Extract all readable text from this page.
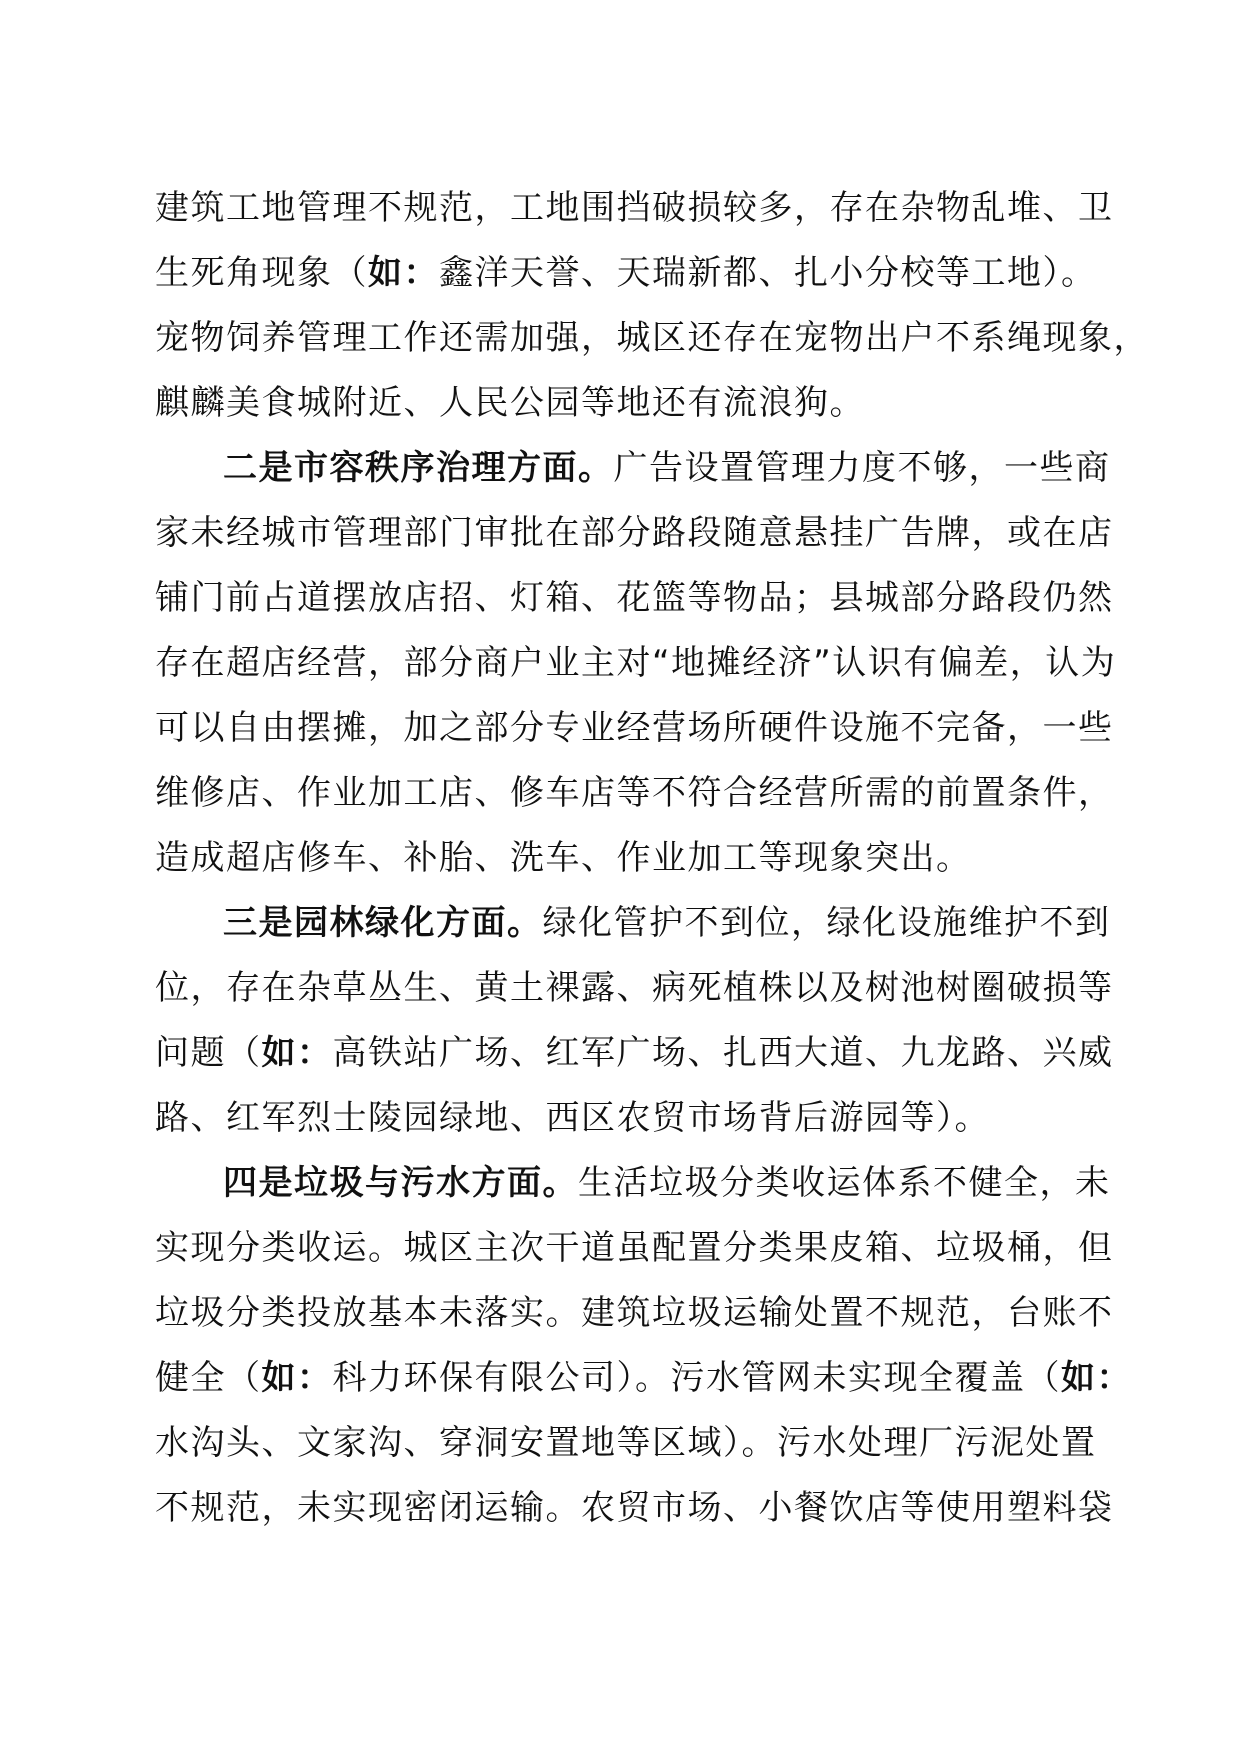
建筑工地管理不规范，工地围挡破损较多，存在杂物乱堆、卫
生死角现象（如：鑫洋天誉、天瑞新都、扎小分校等工地）。
宠物饲养管理工作还需加强，城区还存在宠物出户不系绳现象，
麒麟美食城附近、人民公园等地还有流浪狗。
二是市容秩序治理方面。广告设置管理力度不够，一些商
家未经城市管理部门审批在部分路段随意悬挂广告牌，或在店
铺门前占道摆放店招、灯箱、花篮等物品；县城部分路段仍然
存在超店经营，部分商户业主对“地摊经济”认识有偏差，认为
可以自由摆摊，加之部分专业经营场所硬件设施不完备，一些
维修店、作业加工店、修车店等不符合经营所需的前置条件，
造成超店修车、补胎、洗车、作业加工等现象突出。
三是园林绿化方面。绿化管护不到位，绿化设施维护不到
位，存在杂草丛生、黄土裸露、病死植株以及树池树圈破损等
问题（如：高铁站广场、红军广场、扎西大道、九龙路、兴威
路、红军烈士陵园绿地、西区农贸市场背后游园等）。
四是垃圾与污水方面。生活垃圾分类收运体系不健全，未
实现分类收运。城区主次干道虽配置分类果皮箱、垃圾桶，但
垃圾分类投放基本未落实。建筑垃圾运输处置不规范，台账不
健全（如：科力环保有限公司）。污水管网未实现全覆盖（如：
水沟头、文家沟、穿洞安置地等区域）。污水处理厂污泥处置
不规范，未实现密闭运输。农贸市场、小餐饮店等使用塑料袋
